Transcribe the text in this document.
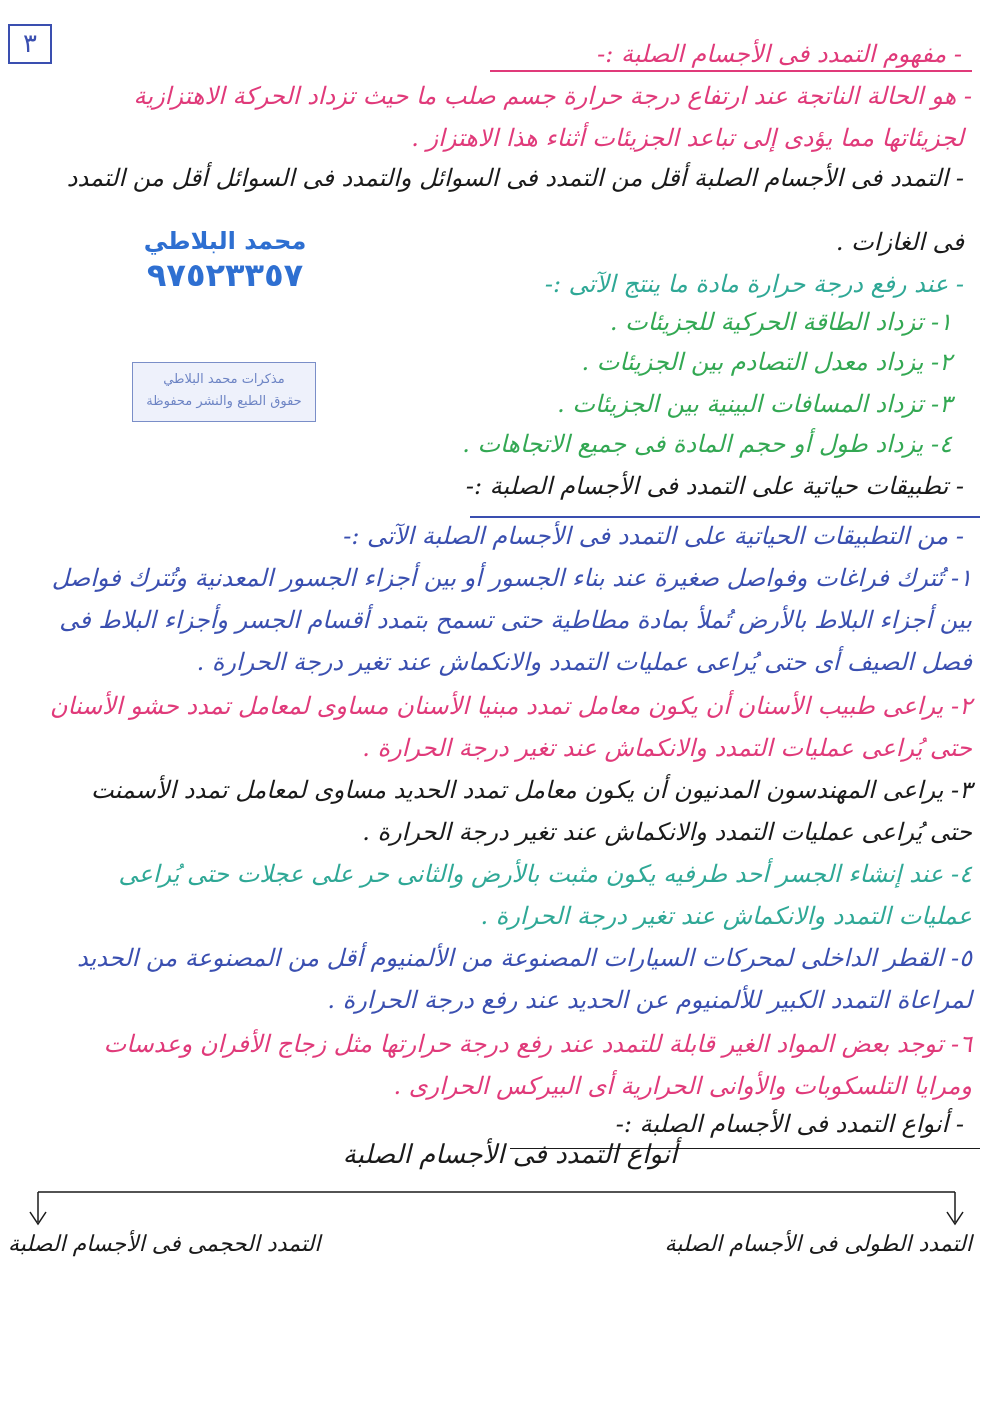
٣
محمد البلاطي
٩٧٥٢٣٣٥٧
مذكرات محمد البلاطي
حقوق الطبع والنشر محفوظة
- مفهوم التمدد فى الأجسام الصلبة :-
- هو الحالة الناتجة عند ارتفاع درجة حرارة جسم صلب ما حيث تزداد الحركة الاهتزازية
لجزيئاتها مما يؤدى إلى تباعد الجزيئات أثناء هذا الاهتزاز .
- التمدد فى الأجسام الصلبة أقل من التمدد فى السوائل والتمدد فى السوائل أقل من التمدد
فى الغازات .
- عند رفع درجة حرارة مادة ما ينتج الآتى :-
١- تزداد الطاقة الحركية للجزيئات .
٢- يزداد معدل التصادم بين الجزيئات .
٣- تزداد المسافات البينية بين الجزيئات .
٤- يزداد طول أو حجم المادة فى جميع الاتجاهات .
- تطبيقات حياتية على التمدد فى الأجسام الصلبة :-
- من التطبيقات الحياتية على التمدد فى الأجسام الصلبة الآتى :-
١- تُترك فراغات وفواصل صغيرة عند بناء الجسور أو بين أجزاء الجسور المعدنية وتُترك فواصل
بين أجزاء البلاط بالأرض تُملأ بمادة مطاطية حتى تسمح بتمدد أقسام الجسر وأجزاء البلاط فى
فصل الصيف أى حتى يُراعى عمليات التمدد والانكماش عند تغير درجة الحرارة .
٢- يراعى طبيب الأسنان أن يكون معامل تمدد مبنيا الأسنان مساوى لمعامل تمدد حشو الأسنان
حتى يُراعى عمليات التمدد والانكماش عند تغير درجة الحرارة .
٣- يراعى المهندسون المدنيون أن يكون معامل تمدد الحديد مساوى لمعامل تمدد الأسمنت
حتى يُراعى عمليات التمدد والانكماش عند تغير درجة الحرارة .
٤- عند إنشاء الجسر أحد طرفيه يكون مثبت بالأرض والثانى حر على عجلات حتى يُراعى
عمليات التمدد والانكماش عند تغير درجة الحرارة .
٥- القطر الداخلى لمحركات السيارات المصنوعة من الألمنيوم أقل من المصنوعة من الحديد
لمراعاة التمدد الكبير للألمنيوم عن الحديد عند رفع درجة الحرارة .
٦- توجد بعض المواد الغير قابلة للتمدد عند رفع درجة حرارتها مثل زجاج الأفران وعدسات
ومرايا التلسكوبات والأوانى الحرارية أى البيركس الحرارى .
- أنواع التمدد فى الأجسام الصلبة :-
أنواع التمدد فى الأجسام الصلبة
التمدد الطولى فى الأجسام الصلبة
التمدد الحجمى فى الأجسام الصلبة
